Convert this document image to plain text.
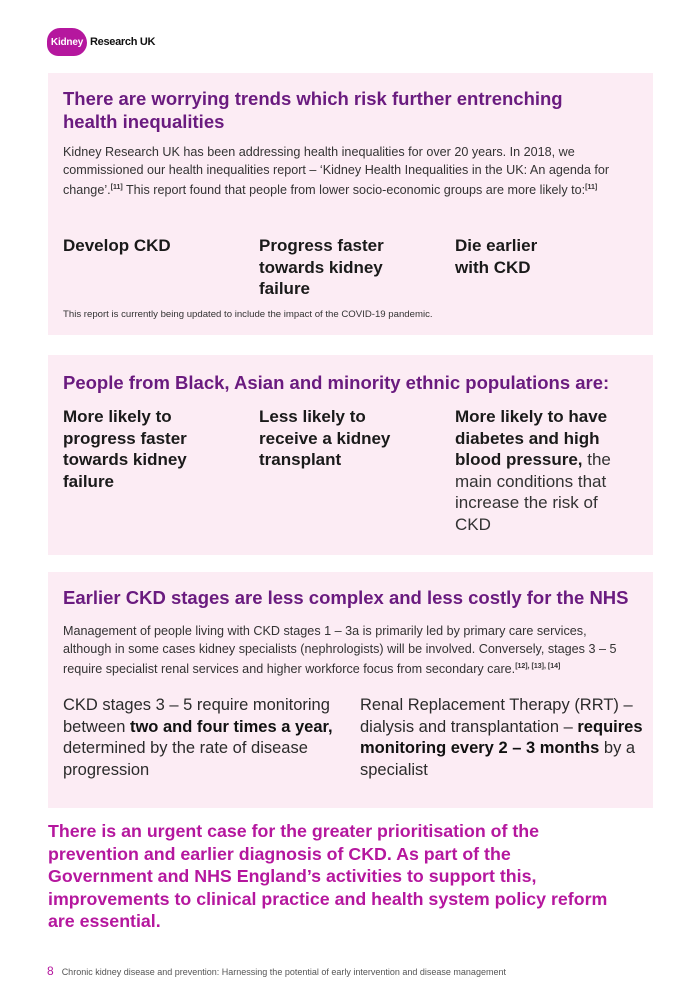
Kidney Research UK
There are worrying trends which risk further entrenching health inequalities

Kidney Research UK has been addressing health inequalities for over 20 years. In 2018, we commissioned our health inequalities report – ‘Kidney Health Inequalities in the UK: An agenda for change’.[11] This report found that people from lower socio-economic groups are more likely to:[11]

Develop CKD	Progress faster towards kidney failure
Die earlier with CKD
This report is currently being updated to include the impact of the COVID-19 pandemic.
People from Black, Asian and minority ethnic populations are:
More likely to progress faster towards kidney failure
Less likely to receive a kidney transplant
More likely to have diabetes and high blood pressure, the main conditions that increase the risk of CKD
Earlier CKD stages are less complex and less costly for the NHS

Management of people living with CKD stages 1 – 3a is primarily led by primary care services, although in some cases kidney specialists (nephrologists) will be involved. Conversely, stages 3 – 5 require specialist renal services and higher workforce focus from secondary care.[12], [13], [14]

CKD stages 3 – 5 require monitoring between two and four times a year, determined by the rate of disease progression
Renal Replacement Therapy (RRT) – dialysis and transplantation – requires monitoring every 2 – 3 months by a specialist

There is an urgent case for the greater prioritisation of the prevention and earlier diagnosis of CKD. As part of the Government and NHS England’s activities to support this, improvements to clinical practice and health system policy reform are essential.

8 Chronic kidney disease and prevention: Harnessing the potential of early intervention and disease management
